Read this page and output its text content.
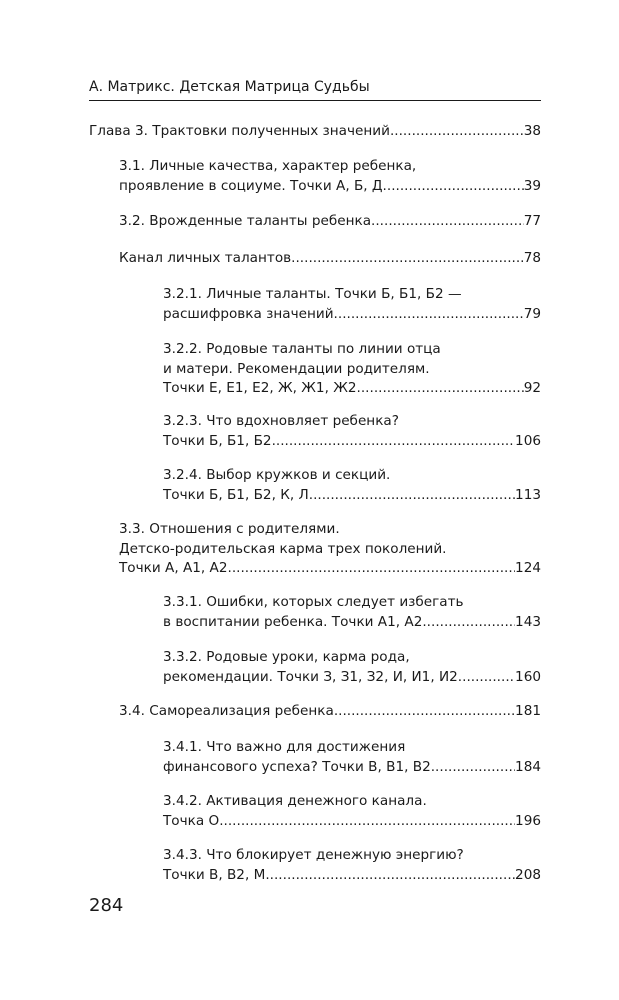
А. Матрикс. Детская Матрица Судьбы
Глава 3. Трактовки полученных значений .....	38
3.1. Личные качества, характер ребенка,
проявление в социуме. Точки А, Б, Д .....	39
3.2. Врожденные таланты ребенка .....	77
Канал личных талантов .....	78
3.2.1. Личные таланты. Точки Б, Б1, Б2 —
расшифровка значений .....	79
3.2.2. Родовые таланты по линии отца
и матери. Рекомендации родителям.
Точки Е, Е1, Е2, Ж, Ж1, Ж2 .....	92
3.2.3. Что вдохновляет ребенка?
Точки Б, Б1, Б2 .....	106
3.2.4. Выбор кружков и секций.
Точки Б, Б1, Б2, К, Л .....	113
3.3. Отношения с родителями.
Детско-родительская карма трех поколений.
Точки А, А1, А2 .....	124
3.3.1. Ошибки, которых следует избегать
в воспитании ребенка. Точки А1, А2 .....	143
3.3.2. Родовые уроки, карма рода,
рекомендации. Точки З, З1, З2, И, И1, И2 .....	160
3.4. Самореализация ребенка .....	181
3.4.1. Что важно для достижения
финансового успеха? Точки В, В1, В2 .....	184
3.4.2. Активация денежного канала.
Точка О .....	196
3.4.3. Что блокирует денежную энергию?
Точки В, В2, М .....	208
284
